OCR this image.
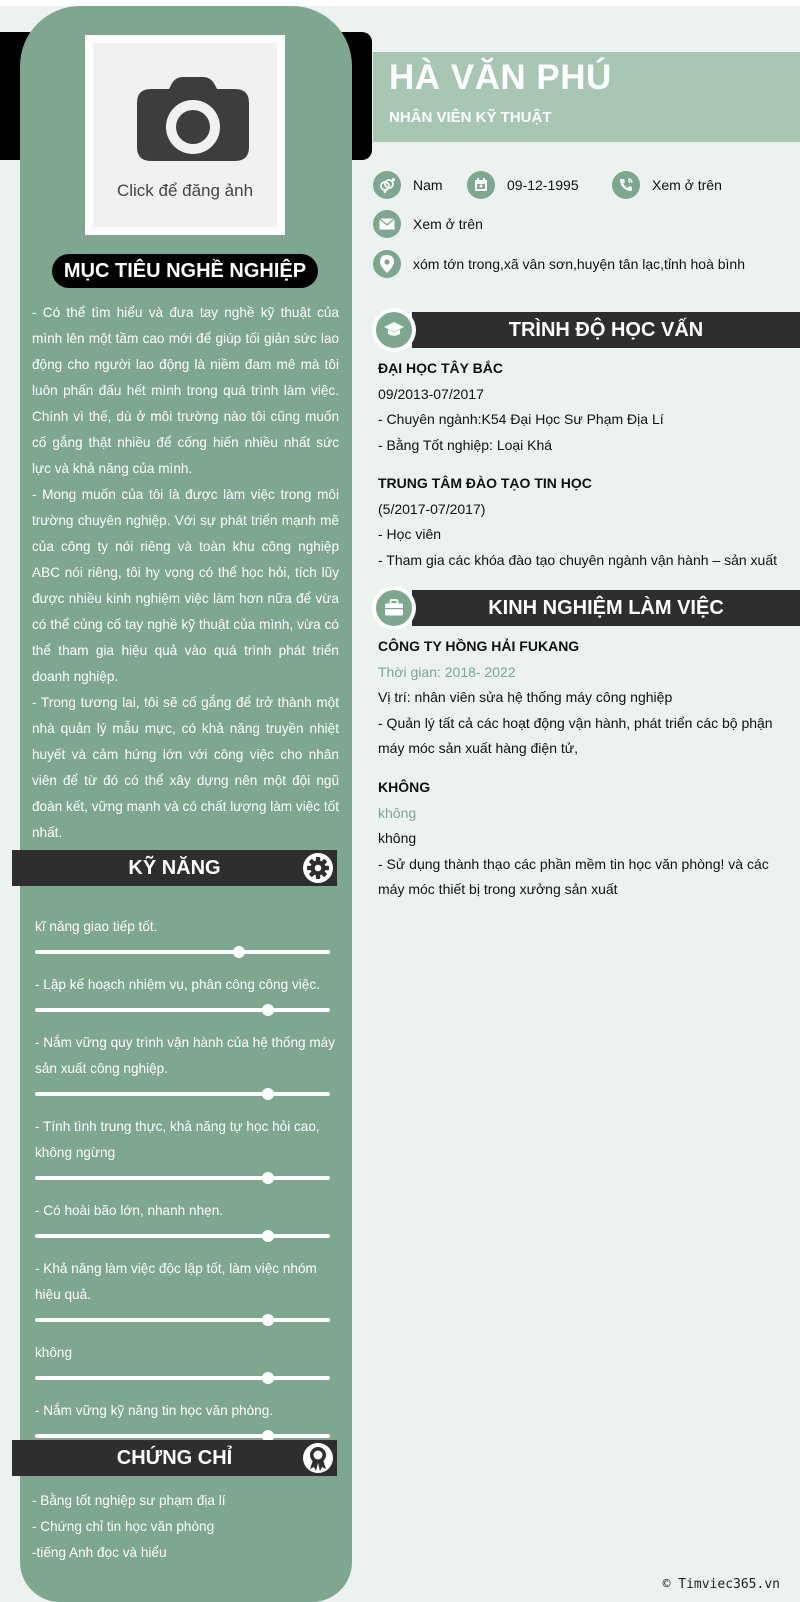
Click để đăng ảnh
MỤC TIÊU NGHỀ NGHIỆP

- Có thể tìm hiểu và đưa tay nghề kỹ thuật của mình lên một tầm cao mới để giúp tối giản sức lao động cho người lao động là niềm đam mê mà tôi luôn phấn đấu hết mình trong quá trình làm việc. Chính vì thế, dù ở môi trường nào tôi cũng muốn cố gắng thật nhiều để cống hiến nhiều nhất sức lực và khả năng của mình.

- Mong muốn của tôi là được làm việc trong môi trường chuyên nghiệp. Với sự phát triển mạnh mẽ của công ty nói riêng và toàn khu công nghiệp ABC nói riêng, tôi hy vọng có thể học hỏi, tích lũy được nhiều kinh nghiệm việc làm hơn nữa để vừa có thể củng cố tay nghề kỹ thuật của mình, vừa có thể tham gia hiệu quả vào quá trình phát triển doanh nghiệp.

- Trong tương lai, tôi sẽ cố gắng để trở thành một nhà quản lý mẫu mực, có khả năng truyền nhiệt huyết và cảm hứng lớn với công việc cho nhân viên để từ đó có thể xây dựng nên một đội ngũ đoàn kết, vững mạnh và có chất lượng làm việc tốt nhất.

KỸ NĂNG
kĩ năng giao tiếp tốt.
- Lập kế hoạch nhiệm vụ, phân công công việc.
- Nắm vững quy trình vận hành của hệ thống máy sản xuất công nghiệp.
- Tính tình trung thực, khả năng tự học hỏi cao, không ngừng
- Có hoài bão lớn, nhanh nhẹn.
- Khả năng làm việc độc lập tốt, làm việc nhóm hiệu quả.
không
- Nắm vững kỹ năng tin học văn phòng.
CHỨNG CHỈ
- Bằng tốt nghiệp sư phạm địa lí
- Chứng chỉ tin học văn phòng
-tiếng Anh đọc và hiểu
HÀ VĂN PHÚ
NHÂN VIÊN KỸ THUẬT
Nam	09-12-1995	Xem ở trên
Xem ở trên
xóm tớn trong,xã vân sơn,huyện tân lạc,tỉnh hoà bình
TRÌNH ĐỘ HỌC VẤN
ĐẠI HỌC TÂY BẮC
09/2013-07/2017
- Chuyên ngành:K54 Đại Học Sư Phạm Địa Lí
- Bằng Tốt nghiệp: Loại Khá
TRUNG TÂM ĐÀO TẠO TIN HỌC
(5/2017-07/2017)
- Học viên
- Tham gia các khóa đào tạo chuyên ngành vận hành – sản xuất
KINH NGHIỆM LÀM VIỆC
CÔNG TY HỒNG HẢI FUKANG
Thời gian: 2018- 2022
Vị trí: nhân viên sửa hệ thống máy công nghiệp
- Quản lý tất cả các hoạt động vận hành, phát triển các bộ phận máy móc sản xuất hàng điện tử,
KHÔNG
không
không
- Sử dụng thành thạo các phần mềm tin học văn phòng! và các máy móc thiết bị trong xưởng sản xuất
© Timviec365.vn
